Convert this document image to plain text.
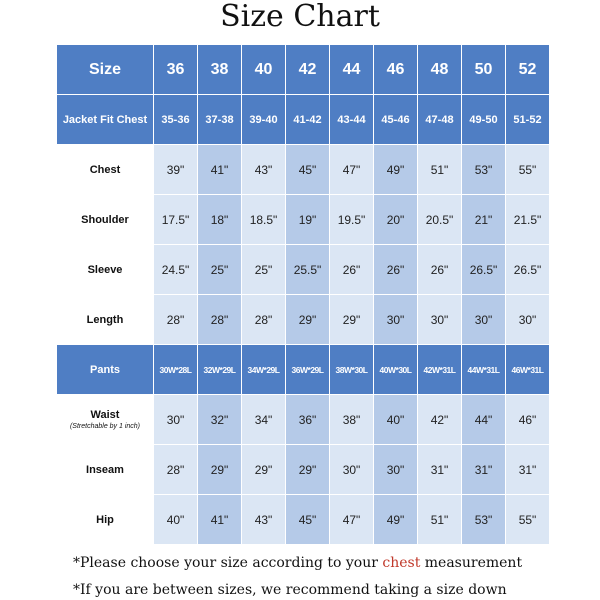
Size Chart
Size	36	38	40	42	44	46	48	50	52
Jacket Fit Chest	35-36	37-38	39-40	41-42	43-44	45-46	47-48	49-50	51-52
Chest	39"	41"	43"	45"	47"	49"	51"	53"	55"
Shoulder	17.5"	18"	18.5"	19"	19.5"	20"	20.5"	21"	21.5"
Sleeve	24.5"	25"	25"	25.5"	26"	26"	26"	26.5"	26.5"
Length	28"	28"	28"	29"	29"	30"	30"	30"	30"
Pants	30W*28L	32W*29L	34W*29L	36W*29L	38W*30L	40W*30L	42W*31L	44W*31L	46W*31L
Waist
(Stretchable by 1 inch)	30"	32"	34"	36"	38"	40"	42"	44"	46"
Inseam	28"	29"	29"	29"	30"	30"	31"	31"	31"
Hip	40"	41"	43"	45"	47"	49"	51"	53"	55"
*Please choose your size according to your chest measurement
*If you are between sizes, we recommend taking a size down
